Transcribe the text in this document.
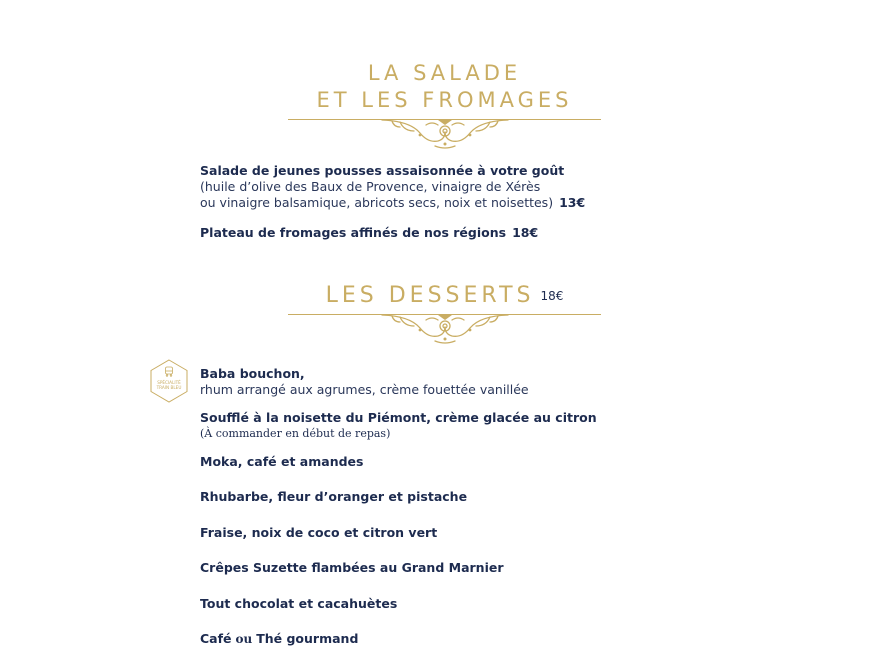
LA SALADE
ET LES FROMAGES
Salade de jeunes pousses assaisonnée à votre goût
(huile d’olive des Baux de Provence, vinaigre de Xérès
ou vinaigre balsamique, abricots secs, noix et noisettes) 13€
Plateau de fromages affinés de nos régions 18€
LES DESSERTS 18€
SPÉCIALITÉ
TRAIN BLEU
Baba bouchon,
rhum arrangé aux agrumes, crème fouettée vanillée
Soufflé à la noisette du Piémont, crème glacée au citron
(À commander en début de repas)
Moka, café et amandes
Rhubarbe, fleur d’oranger et pistache
Fraise, noix de coco et citron vert
Crêpes Suzette flambées au Grand Marnier
Tout chocolat et cacahuètes
Café ou Thé gourmand
